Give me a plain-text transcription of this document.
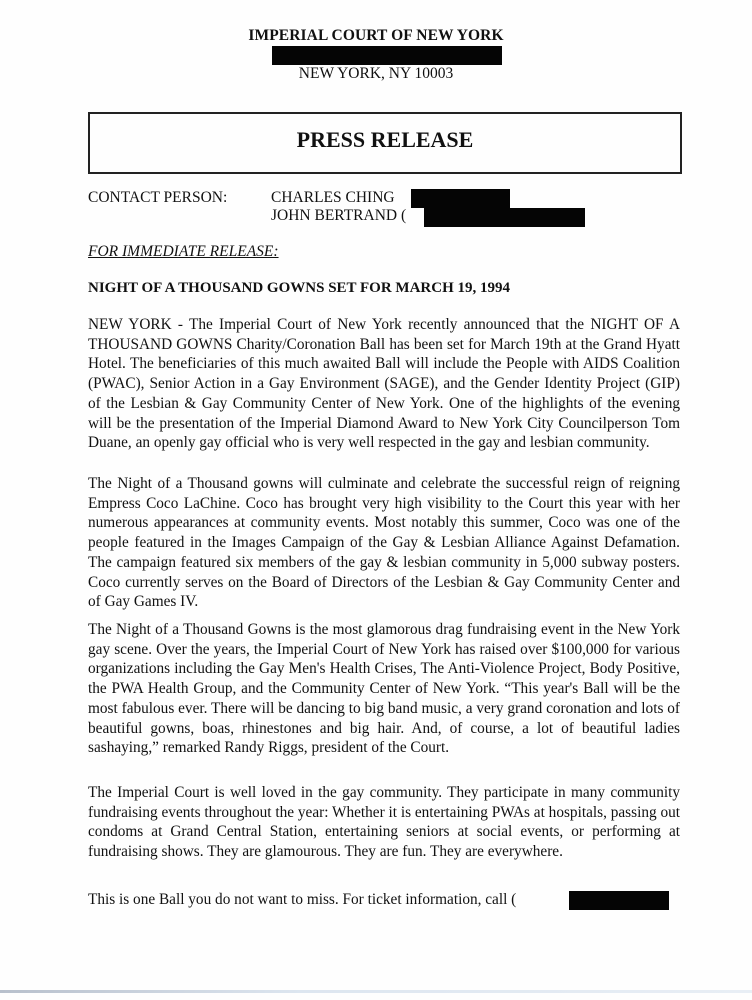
IMPERIAL COURT OF NEW YORK
NEW YORK, NY 10003
PRESS RELEASE
CONTACT PERSON:	CHARLES CHING
JOHN BERTRAND (
FOR IMMEDIATE RELEASE:
NIGHT OF A THOUSAND GOWNS SET FOR MARCH 19, 1994

NEW YORK - The Imperial Court of New York recently announced that the NIGHT OF A THOUSAND GOWNS Charity/Coronation Ball has been set for March 19th at the Grand Hyatt Hotel. The beneficiaries of this much awaited Ball will include the People with AIDS Coalition (PWAC), Senior Action in a Gay Environment (SAGE), and the Gender Identity Project (GIP) of the Lesbian & Gay Community Center of New York. One of the highlights of the evening will be the presentation of the Imperial Diamond Award to New York City Councilperson Tom Duane, an openly gay official who is very well respected in the gay and lesbian community.

The Night of a Thousand gowns will culminate and celebrate the successful reign of reigning Empress Coco LaChine. Coco has brought very high visibility to the Court this year with her numerous appearances at community events. Most notably this summer, Coco was one of the people featured in the Images Campaign of the Gay & Lesbian Alliance Against Defamation. The campaign featured six members of the gay & lesbian community in 5,000 subway posters. Coco currently serves on the Board of Directors of the Lesbian & Gay Community Center and of Gay Games IV.

The Night of a Thousand Gowns is the most glamorous drag fundraising event in the New York gay scene. Over the years, the Imperial Court of New York has raised over $100,000 for various organizations including the Gay Men's Health Crises, The Anti-Violence Project, Body Positive, the PWA Health Group, and the Community Center of New York. “This year's Ball will be the most fabulous ever. There will be dancing to big band music, a very grand coronation and lots of beautiful gowns, boas, rhinestones and big hair. And, of course, a lot of beautiful ladies sashaying,” remarked Randy Riggs, president of the Court.

The Imperial Court is well loved in the gay community. They participate in many community fundraising events throughout the year: Whether it is entertaining PWAs at hospitals, passing out condoms at Grand Central Station, entertaining seniors at social events, or performing at fundraising shows. They are glamourous. They are fun. They are everywhere.

This is one Ball you do not want to miss. For ticket information, call (
